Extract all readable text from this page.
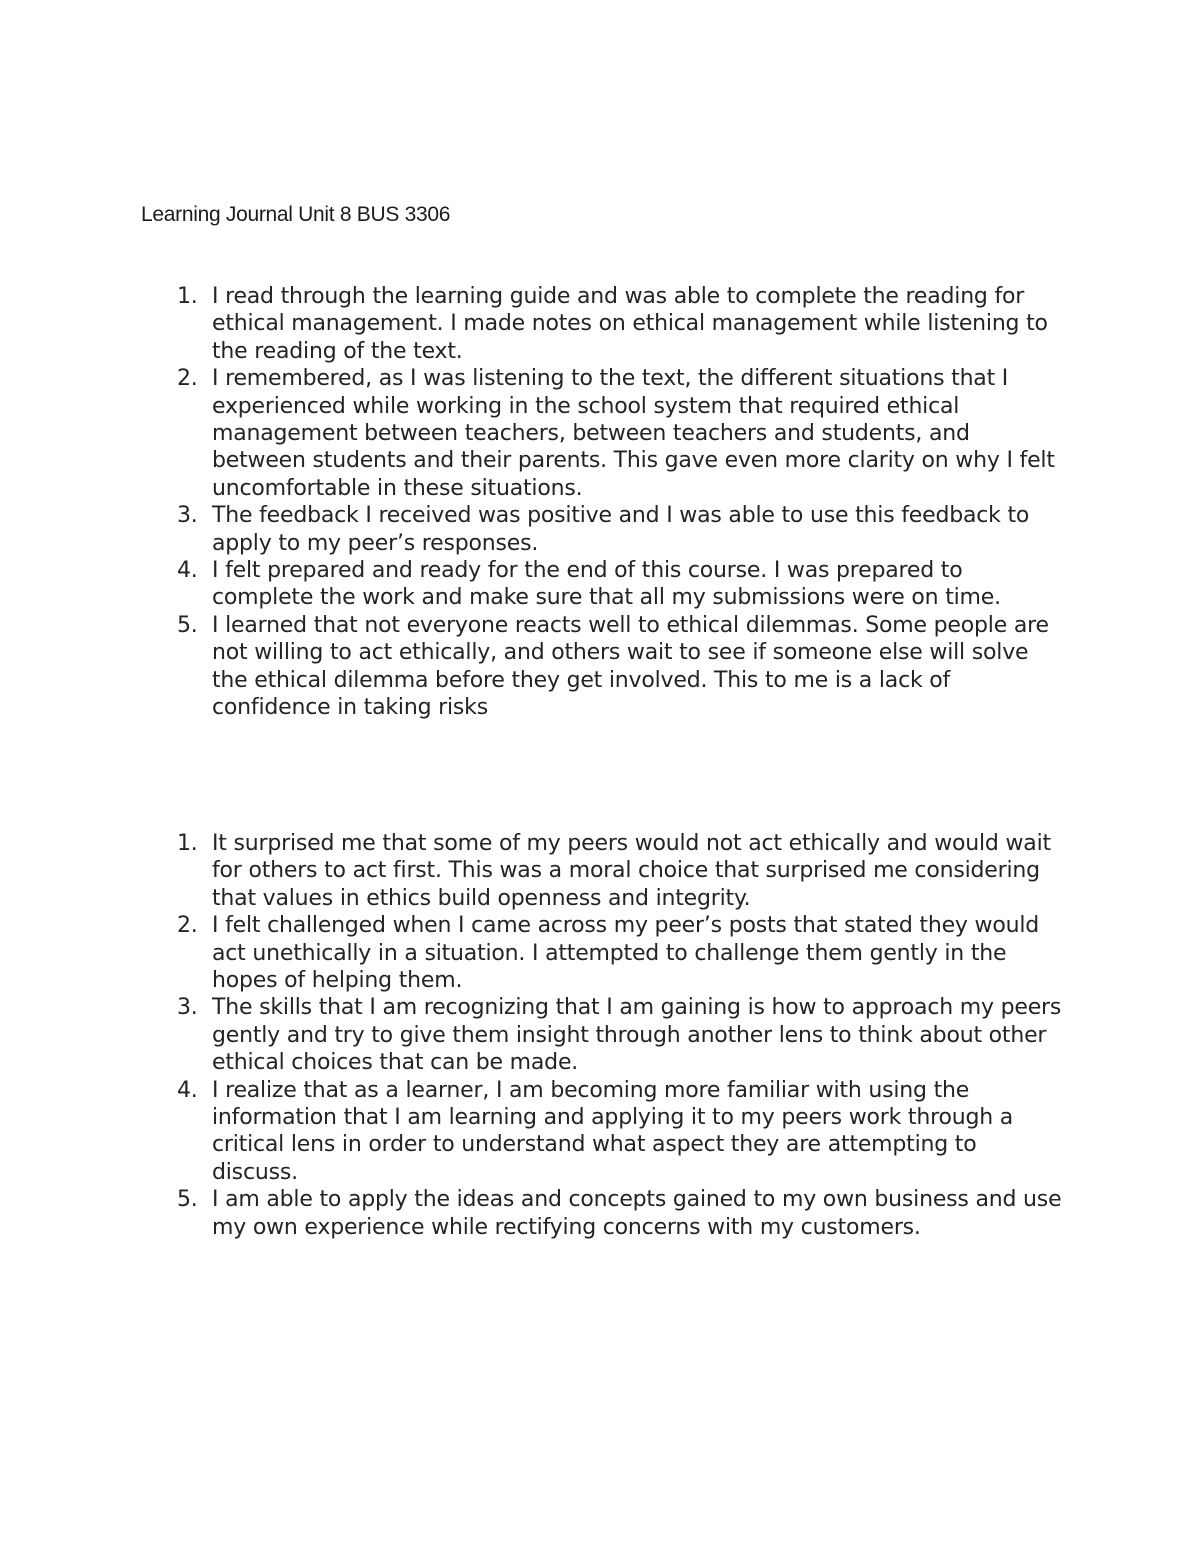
Learning Journal Unit 8 BUS 3306
1. I read through the learning guide and was able to complete the reading for ethical management. I made notes on ethical management while listening to the reading of the text.
2. I remembered, as I was listening to the text, the different situations that I experienced while working in the school system that required ethical management between teachers, between teachers and students, and between students and their parents. This gave even more clarity on why I felt uncomfortable in these situations.
3. The feedback I received was positive and I was able to use this feedback to apply to my peer’s responses.
4. I felt prepared and ready for the end of this course. I was prepared to complete the work and make sure that all my submissions were on time.
5. I learned that not everyone reacts well to ethical dilemmas. Some people are not willing to act ethically, and others wait to see if someone else will solve the ethical dilemma before they get involved. This to me is a lack of confidence in taking risks
1. It surprised me that some of my peers would not act ethically and would wait for others to act first. This was a moral choice that surprised me considering that values in ethics build openness and integrity.
2. I felt challenged when I came across my peer’s posts that stated they would act unethically in a situation. I attempted to challenge them gently in the hopes of helping them.
3. The skills that I am recognizing that I am gaining is how to approach my peers gently and try to give them insight through another lens to think about other ethical choices that can be made.
4. I realize that as a learner, I am becoming more familiar with using the information that I am learning and applying it to my peers work through a critical lens in order to understand what aspect they are attempting to discuss.
5. I am able to apply the ideas and concepts gained to my own business and use my own experience while rectifying concerns with my customers.
